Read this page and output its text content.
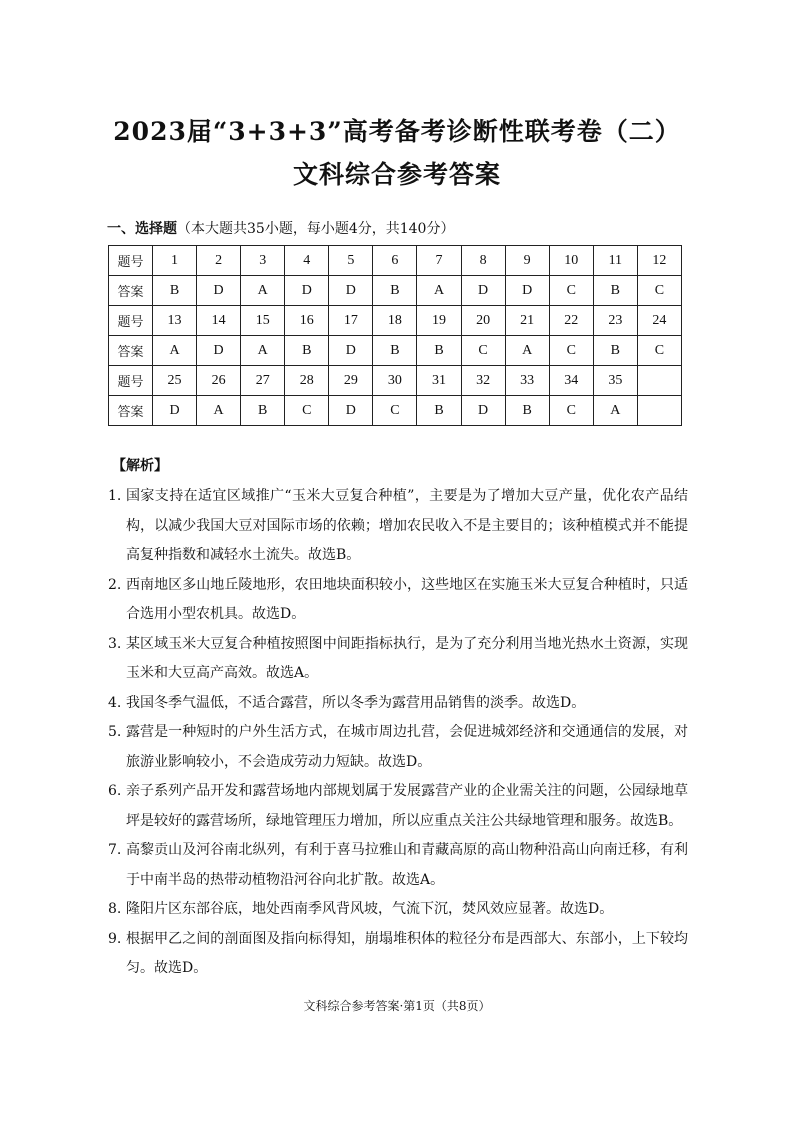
2023届“3+3+3”高考备考诊断性联考卷（二）
文科综合参考答案
一、选择题（本大题共35小题，每小题4分，共140分）
题号	1	2	3	4	5	6	7	8	9	10	11	12
答案	B	D	A	D	D	B	A	D	D	C	B	C
题号	13	14	15	16	17	18	19	20	21	22	23	24
答案	A	D	A	B	D	B	B	C	A	C	B	C
题号	25	26	27	28	29	30	31	32	33	34	35	
答案	D	A	B	C	D	C	B	D	B	C	A	
【解析】
1. 国家支持在适宜区域推广“玉米大豆复合种植”，主要是为了增加大豆产量，优化农产品结构，以减少我国大豆对国际市场的依赖；增加农民收入不是主要目的；该种植模式并不能提高复种指数和减轻水土流失。故选B。
2. 西南地区多山地丘陵地形，农田地块面积较小，这些地区在实施玉米大豆复合种植时，只适合选用小型农机具。故选D。
3. 某区域玉米大豆复合种植按照图中间距指标执行，是为了充分利用当地光热水土资源，实现玉米和大豆高产高效。故选A。
4. 我国冬季气温低，不适合露营，所以冬季为露营用品销售的淡季。故选D。
5. 露营是一种短时的户外生活方式，在城市周边扎营，会促进城郊经济和交通通信的发展，对旅游业影响较小，不会造成劳动力短缺。故选D。
6. 亲子系列产品开发和露营场地内部规划属于发展露营产业的企业需关注的问题，公园绿地草坪是较好的露营场所，绿地管理压力增加，所以应重点关注公共绿地管理和服务。故选B。
7. 高黎贡山及河谷南北纵列，有利于喜马拉雅山和青藏高原的高山物种沿高山向南迁移，有利于中南半岛的热带动植物沿河谷向北扩散。故选A。
8. 隆阳片区东部谷底，地处西南季风背风坡，气流下沉，焚风效应显著。故选D。
9. 根据甲乙之间的剖面图及指向标得知，崩塌堆积体的粒径分布是西部大、东部小，上下较均匀。故选D。
文科综合参考答案·第1页（共8页）
